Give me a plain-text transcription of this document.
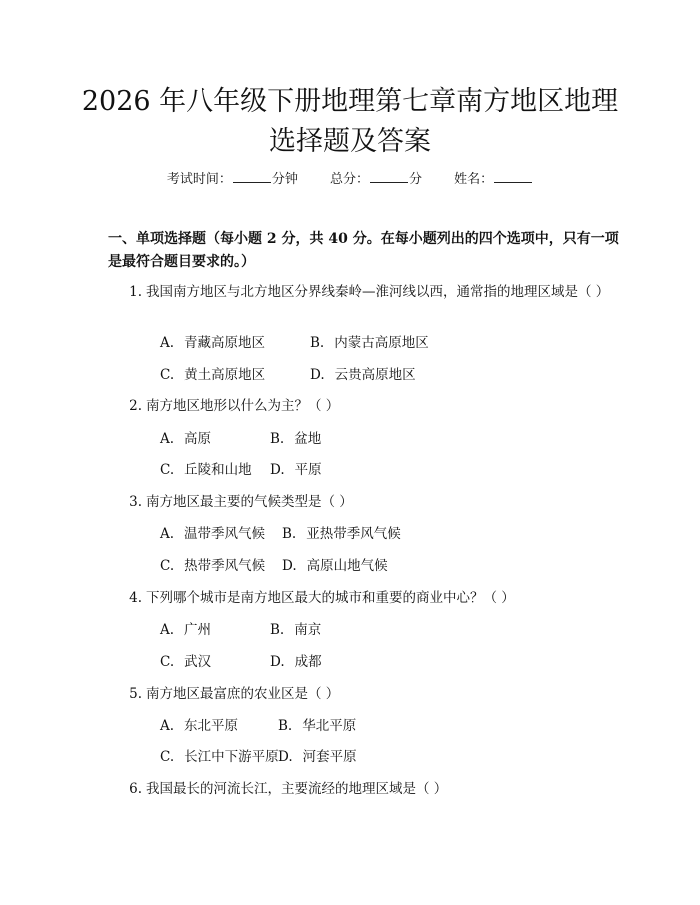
2026 年八年级下册地理第七章南方地区地理
选择题及答案
考试时间：	分钟 总分：	分 姓名：
一、单项选择题（每小题 2 分，共 40 分。在每小题列出的四个选项中，只有一项是最符合题目要求的。）
1. 我国南方地区与北方地区分界线秦岭—淮河线以西，通常指的地理区域是（ ）
A. 青藏高原地区	B. 内蒙古高原地区
C. 黄土高原地区	D. 云贵高原地区
2. 南方地区地形以什么为主？（ ）
A. 高原	B. 盆地
C. 丘陵和山地 D. 平原
3. 南方地区最主要的气候类型是（ ）
A. 温带季风气候 B. 亚热带季风气候
C. 热带季风气候 D. 高原山地气候
4. 下列哪个城市是南方地区最大的城市和重要的商业中心？（ ）
A. 广州	B. 南京
C. 武汉	D. 成都
5. 南方地区最富庶的农业区是（ ）
A. 东北平原	B. 华北平原
C. 长江中下游平原D. 河套平原
6. 我国最长的河流长江，主要流经的地理区域是（ ）
